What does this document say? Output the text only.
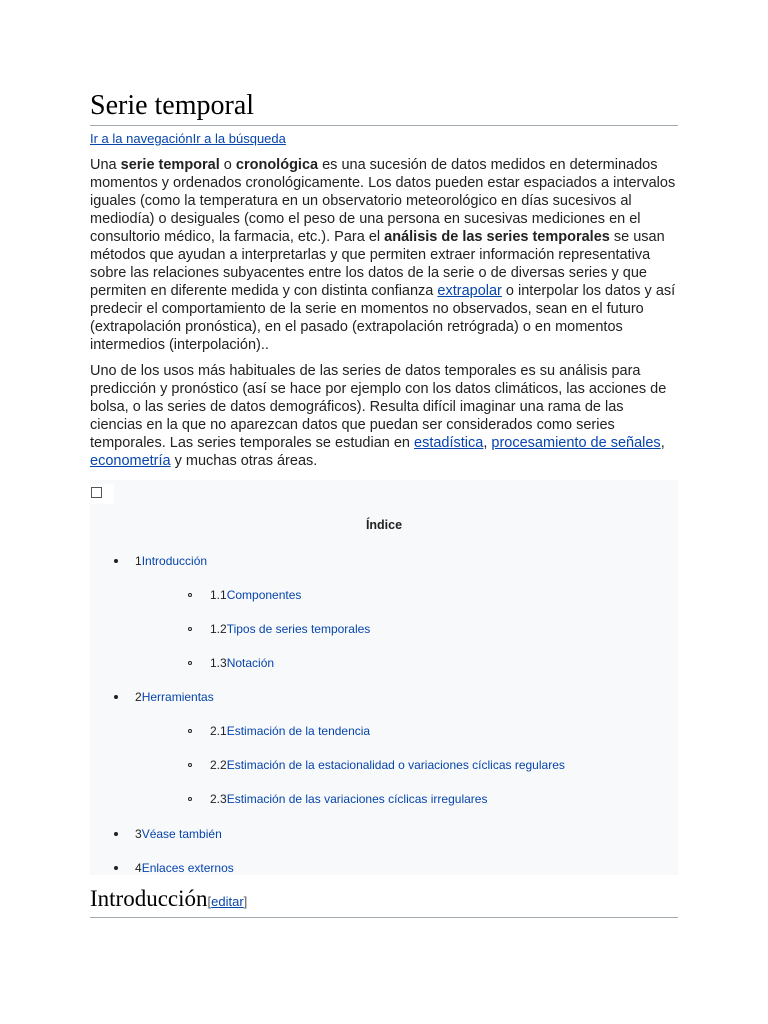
Serie temporal
Ir a la navegaciónIr a la búsqueda

Una serie temporal o cronológica es una sucesión de datos medidos en determinados momentos y ordenados cronológicamente. Los datos pueden estar espaciados a intervalos iguales (como la temperatura en un observatorio meteorológico en días sucesivos al mediodía) o desiguales (como el peso de una persona en sucesivas mediciones en el consultorio médico, la farmacia, etc.). Para el análisis de las series temporales se usan métodos que ayudan a interpretarlas y que permiten extraer información representativa sobre las relaciones subyacentes entre los datos de la serie o de diversas series y que permiten en diferente medida y con distinta confianza extrapolar o interpolar los datos y así predecir el comportamiento de la serie en momentos no observados, sean en el futuro (extrapolación pronóstica), en el pasado (extrapolación retrógrada) o en momentos intermedios (interpolación)..

Uno de los usos más habituales de las series de datos temporales es su análisis para predicción y pronóstico (así se hace por ejemplo con los datos climáticos, las acciones de bolsa, o las series de datos demográficos). Resulta difícil imaginar una rama de las ciencias en la que no aparezcan datos que puedan ser considerados como series temporales. Las series temporales se estudian en estadística, procesamiento de señales, econometría y muchas otras áreas.

Índice
1Introducción
1.1Componentes
1.2Tipos de series temporales
1.3Notación
2Herramientas
2.1Estimación de la tendencia
2.2Estimación de la estacionalidad o variaciones cíclicas regulares
2.3Estimación de las variaciones cíclicas irregulares
3Véase también
4Enlaces externos
Introducción[editar]
